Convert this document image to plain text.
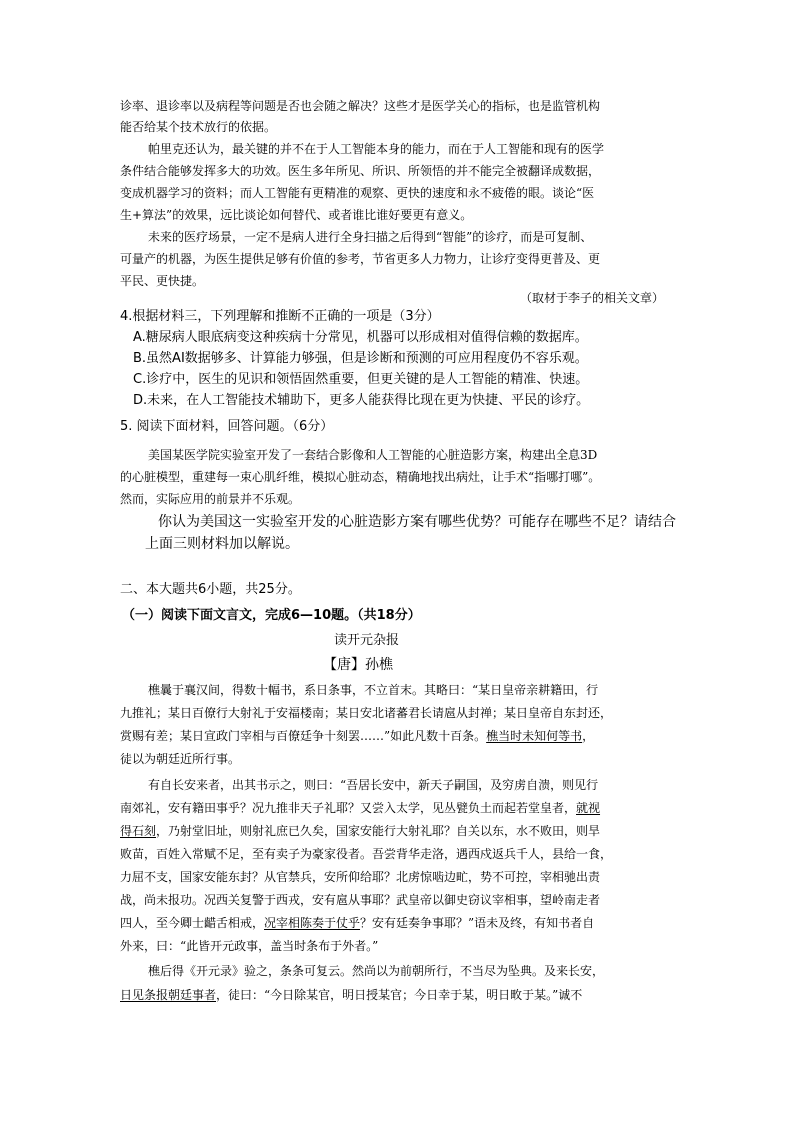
诊率、退诊率以及病程等问题是否也会随之解决？这些才是医学关心的指标，也是监管机构
能否给某个技术放行的依据。
帕里克还认为，最关键的并不在于人工智能本身的能力，而在于人工智能和现有的医学
条件结合能够发挥多大的功效。医生多年所见、所识、所领悟的并不能完全被翻译成数据，
变成机器学习的资料；而人工智能有更精准的观察、更快的速度和永不疲倦的眼。谈论“医
生+算法”的效果，远比谈论如何替代、或者谁比谁好要更有意义。
未来的医疗场景，一定不是病人进行全身扫描之后得到“智能”的诊疗，而是可复制、
可量产的机器，为医生提供足够有价值的参考，节省更多人力物力，让诊疗变得更普及、更
平民、更快捷。
（取材于李子的相关文章）
4.根据材料三，下列理解和推断不正确的一项是（3分）
A.糖尿病人眼底病变这种疾病十分常见，机器可以形成相对值得信赖的数据库。
B.虽然AI数据够多、计算能力够强，但是诊断和预测的可应用程度仍不容乐观。
C.诊疗中，医生的见识和领悟固然重要，但更关键的是人工智能的精准、快速。
D.未来，在人工智能技术辅助下，更多人能获得比现在更为快捷、平民的诊疗。
5. 阅读下面材料，回答问题。（6分）
美国某医学院实验室开发了一套结合影像和人工智能的心脏造影方案，构建出全息3D
的心脏模型，重建每一束心肌纤维，模拟心脏动态，精确地找出病灶，让手术“指哪打哪”。
然而，实际应用的前景并不乐观。
你认为美国这一实验室开发的心脏造影方案有哪些优势？可能存在哪些不足？请结合
上面三则材料加以解说。
二、本大题共6小题，共25分。
（一）阅读下面文言文，完成6—10题。（共18分）
读开元杂报
【唐】孙樵
樵曩于襄汉间，得数十幅书，系日条事，不立首末。其略曰：“某日皇帝亲耕籍田，行
九推礼；某日百僚行大射礼于安福楼南；某日安北诸蕃君长请扈从封禅；某日皇帝自东封还，
赏赐有差；某日宣政门宰相与百僚廷争十刻罢……”如此凡数十百条。樵当时未知何等书，
徒以为朝廷近所行事。
有自长安来者，出其书示之，则曰：“吾居长安中，新天子嗣国，及穷虏自溃，则见行
南郊礼，安有籍田事乎？况九推非天子礼耶？又尝入太学，见丛甓负土而起若堂皇者，就视
得石刻，乃射堂旧址，则射礼庶已久矣，国家安能行大射礼耶？自关以东，水不败田，则旱
败苗，百姓入常赋不足，至有卖子为豪家役者。吾尝背华走洛，遇西戍返兵千人，县给一食，
力屈不支，国家安能东封？从官禁兵，安所仰给耶？北虏惊啮边甿，势不可控，宰相驰出责
战，尚未报功。况西关复警于西戎，安有扈从事耶？武皇帝以御史窃议宰相事，望岭南走者
四人，至今卿士齰舌相戒，况宰相陈奏于仗乎？安有廷奏争事耶？”语未及终，有知书者自
外来，曰：“此皆开元政事，盖当时条布于外者。”
樵后得《开元录》验之，条条可复云。然尚以为前朝所行，不当尽为坠典。及来长安，
日见条报朝廷事者，徒曰：“今日除某官，明日授某官；今日幸于某，明日畋于某。”诚不
